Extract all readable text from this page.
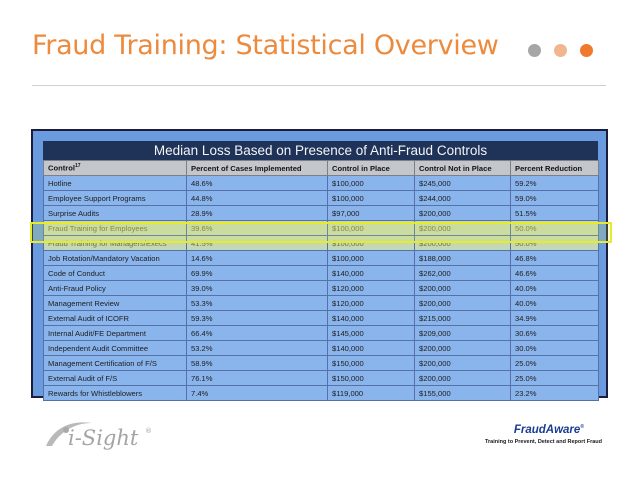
Fraud Training: Statistical Overview
Median Loss Based on Presence of Anti-Fraud Controls
Control$^{17}$	Percent of Cases Implemented	Control in Place	Control Not in Place	Percent Reduction
Hotline	48.6%	$100,000	$245,000	59.2%
Employee Support Programs	44.8%	$100,000	$244,000	59.0%
Surprise Audits	28.9%	$97,000	$200,000	51.5%
Fraud Training for Employees	39.6%	$100,000	$200,000	50.0%
Fraud Training for Managers/Execs	41.5%	$100,000	$200,000	50.0%
Job Rotation/Mandatory Vacation	14.6%	$100,000	$188,000	46.8%
Code of Conduct	69.9%	$140,000	$262,000	46.6%
Anti-Fraud Policy	39.0%	$120,000	$200,000	40.0%
Management Review	53.3%	$120,000	$200,000	40.0%
External Audit of ICOFR	59.3%	$140,000	$215,000	34.9%
Internal Audit/FE Department	66.4%	$145,000	$209,000	30.6%
Independent Audit Committee	53.2%	$140,000	$200,000	30.0%
Management Certification of F/S	58.9%	$150,000	$200,000	25.0%
External Audit of F/S	76.1%	$150,000	$200,000	25.0%
Rewards for Whistleblowers	7.4%	$119,000	$155,000	23.2%
i-Sight ®	FraudAware®
Training to Prevent, Detect and Report Fraud
